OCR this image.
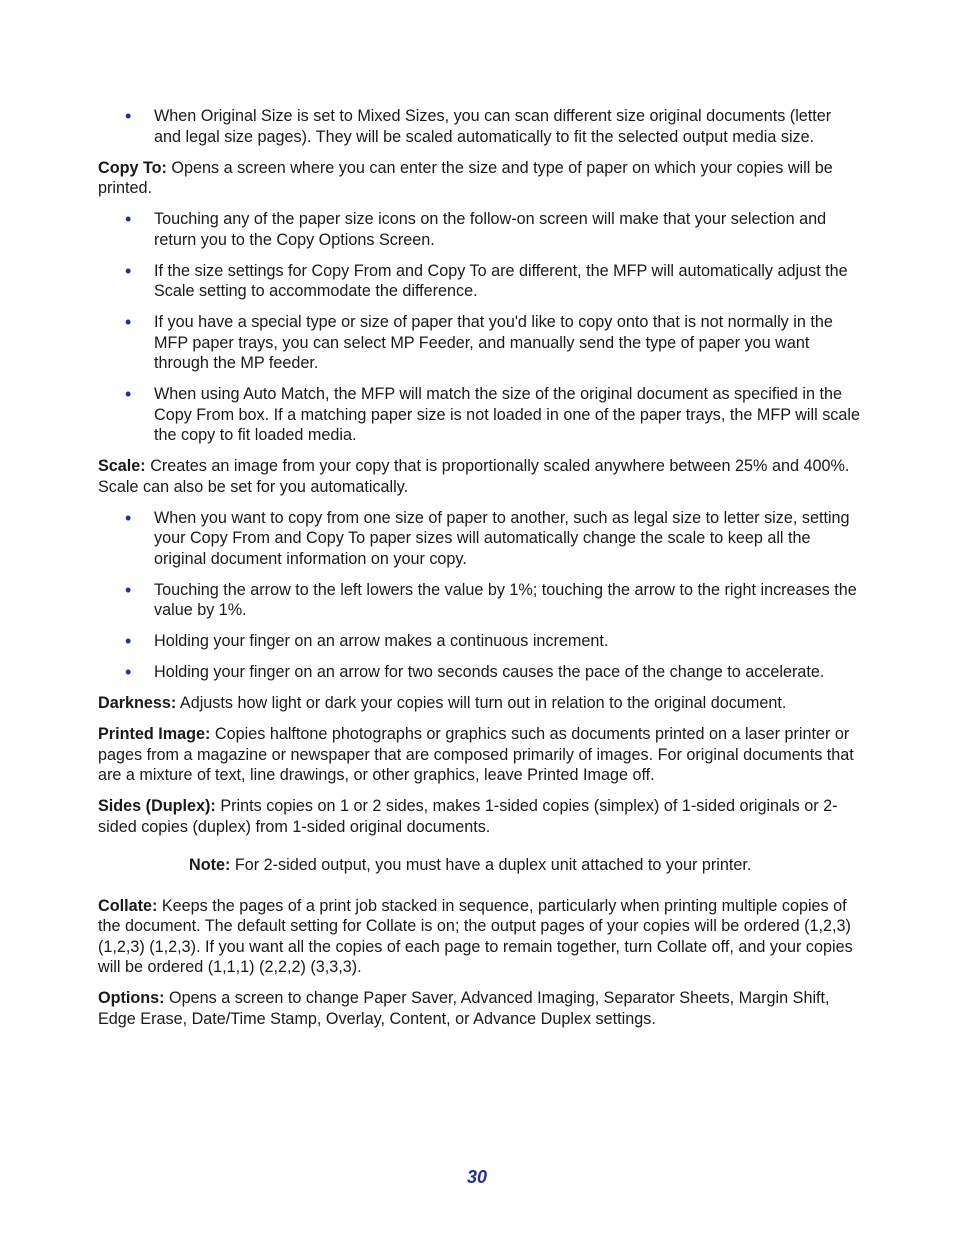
• When Original Size is set to Mixed Sizes, you can scan different size original documents (letter and legal size pages). They will be scaled automatically to fit the selected output media size.

Copy To: Opens a screen where you can enter the size and type of paper on which your copies will be printed.

• Touching any of the paper size icons on the follow-on screen will make that your selection and return you to the Copy Options Screen.
• If the size settings for Copy From and Copy To are different, the MFP will automatically adjust the Scale setting to accommodate the difference.
• If you have a special type or size of paper that you'd like to copy onto that is not normally in the MFP paper trays, you can select MP Feeder, and manually send the type of paper you want through the MP feeder.
• When using Auto Match, the MFP will match the size of the original document as specified in the Copy From box. If a matching paper size is not loaded in one of the paper trays, the MFP will scale the copy to fit loaded media.

Scale: Creates an image from your copy that is proportionally scaled anywhere between 25% and 400%. Scale can also be set for you automatically.

• When you want to copy from one size of paper to another, such as legal size to letter size, setting your Copy From and Copy To paper sizes will automatically change the scale to keep all the original document information on your copy.
• Touching the arrow to the left lowers the value by 1%; touching the arrow to the right increases the value by 1%.
• Holding your finger on an arrow makes a continuous increment.
• Holding your finger on an arrow for two seconds causes the pace of the change to accelerate.

Darkness: Adjusts how light or dark your copies will turn out in relation to the original document.

Printed Image: Copies halftone photographs or graphics such as documents printed on a laser printer or pages from a magazine or newspaper that are composed primarily of images. For original documents that are a mixture of text, line drawings, or other graphics, leave Printed Image off.

Sides (Duplex): Prints copies on 1 or 2 sides, makes 1-sided copies (simplex) of 1-sided originals or 2-sided copies (duplex) from 1-sided original documents.

Note: For 2-sided output, you must have a duplex unit attached to your printer.

Collate: Keeps the pages of a print job stacked in sequence, particularly when printing multiple copies of the document. The default setting for Collate is on; the output pages of your copies will be ordered (1,2,3) (1,2,3) (1,2,3). If you want all the copies of each page to remain together, turn Collate off, and your copies will be ordered (1,1,1) (2,2,2) (3,3,3).

Options: Opens a screen to change Paper Saver, Advanced Imaging, Separator Sheets, Margin Shift, Edge Erase, Date/Time Stamp, Overlay, Content, or Advance Duplex settings.

30
